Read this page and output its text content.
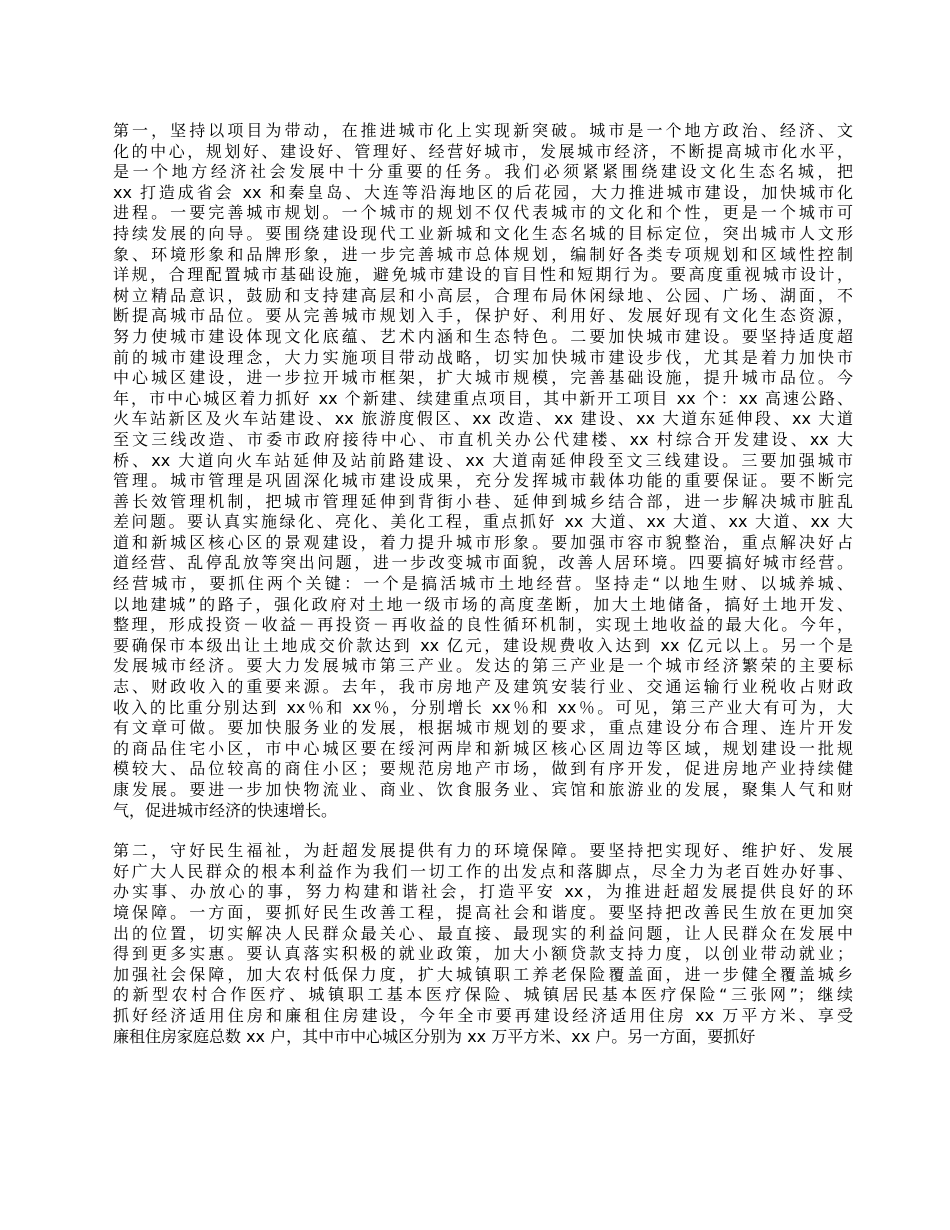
第一，坚持以项目为带动，在推进城市化上实现新突破。城市是一个地方政治、经济、文
化的中心，规划好、建设好、管理好、经营好城市，发展城市经济，不断提高城市化水平，
是一个地方经济社会发展中十分重要的任务。我们必须紧紧围绕建设文化生态名城，把
xx 打造成省会 xx 和秦皇岛、大连等沿海地区的后花园，大力推进城市建设，加快城市化
进程。一要完善城市规划。一个城市的规划不仅代表城市的文化和个性，更是一个城市可
持续发展的向导。要围绕建设现代工业新城和文化生态名城的目标定位，突出城市人文形
象、环境形象和品牌形象，进一步完善城市总体规划，编制好各类专项规划和区域性控制
详规，合理配置城市基础设施，避免城市建设的盲目性和短期行为。要高度重视城市设计，
树立精品意识，鼓励和支持建高层和小高层，合理布局休闲绿地、公园、广场、湖面，不
断提高城市品位。要从完善城市规划入手，保护好、利用好、发展好现有文化生态资源，
努力使城市建设体现文化底蕴、艺术内涵和生态特色。二要加快城市建设。要坚持适度超
前的城市建设理念，大力实施项目带动战略，切实加快城市建设步伐，尤其是着力加快市
中心城区建设，进一步拉开城市框架，扩大城市规模，完善基础设施，提升城市品位。今
年，市中心城区着力抓好 xx 个新建、续建重点项目，其中新开工项目 xx 个：xx 高速公路、
火车站新区及火车站建设、xx 旅游度假区、xx 改造、xx 建设、xx 大道东延伸段、xx 大道
至文三线改造、市委市政府接待中心、市直机关办公代建楼、xx 村综合开发建设、xx 大
桥、xx 大道向火车站延伸及站前路建设、xx 大道南延伸段至文三线建设。三要加强城市
管理。城市管理是巩固深化城市建设成果，充分发挥城市载体功能的重要保证。要不断完
善长效管理机制，把城市管理延伸到背街小巷、延伸到城乡结合部，进一步解决城市脏乱
差问题。要认真实施绿化、亮化、美化工程，重点抓好 xx 大道、xx 大道、xx 大道、xx 大
道和新城区核心区的景观建设，着力提升城市形象。要加强市容市貌整治，重点解决好占
道经营、乱停乱放等突出问题，进一步改变城市面貌，改善人居环境。四要搞好城市经营。
经营城市，要抓住两个关键：一个是搞活城市土地经营。坚持走“以地生财、以城养城、
以地建城”的路子，强化政府对土地一级市场的高度垄断，加大土地储备，搞好土地开发、
整理，形成投资－收益－再投资－再收益的良性循环机制，实现土地收益的最大化。今年，
要确保市本级出让土地成交价款达到 xx 亿元，建设规费收入达到 xx 亿元以上。另一个是
发展城市经济。要大力发展城市第三产业。发达的第三产业是一个城市经济繁荣的主要标
志、财政收入的重要来源。去年，我市房地产及建筑安装行业、交通运输行业税收占财政
收入的比重分别达到 xx％和 xx％，分别增长 xx％和 xx％。可见，第三产业大有可为，大
有文章可做。要加快服务业的发展，根据城市规划的要求，重点建设分布合理、连片开发
的商品住宅小区，市中心城区要在绥河两岸和新城区核心区周边等区域，规划建设一批规
模较大、品位较高的商住小区；要规范房地产市场，做到有序开发，促进房地产业持续健
康发展。要进一步加快物流业、商业、饮食服务业、宾馆和旅游业的发展，聚集人气和财
气，促进城市经济的快速增长。
第二，守好民生福祉，为赶超发展提供有力的环境保障。要坚持把实现好、维护好、发展
好广大人民群众的根本利益作为我们一切工作的出发点和落脚点，尽全力为老百姓办好事、
办实事、办放心的事，努力构建和谐社会，打造平安 xx，为推进赶超发展提供良好的环
境保障。一方面，要抓好民生改善工程，提高社会和谐度。要坚持把改善民生放在更加突
出的位置，切实解决人民群众最关心、最直接、最现实的利益问题，让人民群众在发展中
得到更多实惠。要认真落实积极的就业政策，加大小额贷款支持力度，以创业带动就业；
加强社会保障，加大农村低保力度，扩大城镇职工养老保险覆盖面，进一步健全覆盖城乡
的新型农村合作医疗、城镇职工基本医疗保险、城镇居民基本医疗保险“三张网”；继续
抓好经济适用住房和廉租住房建设，今年全市要再建设经济适用住房 xx 万平方米、享受
廉租住房家庭总数 xx 户，其中市中心城区分别为 xx 万平方米、xx 户。另一方面，要抓好
